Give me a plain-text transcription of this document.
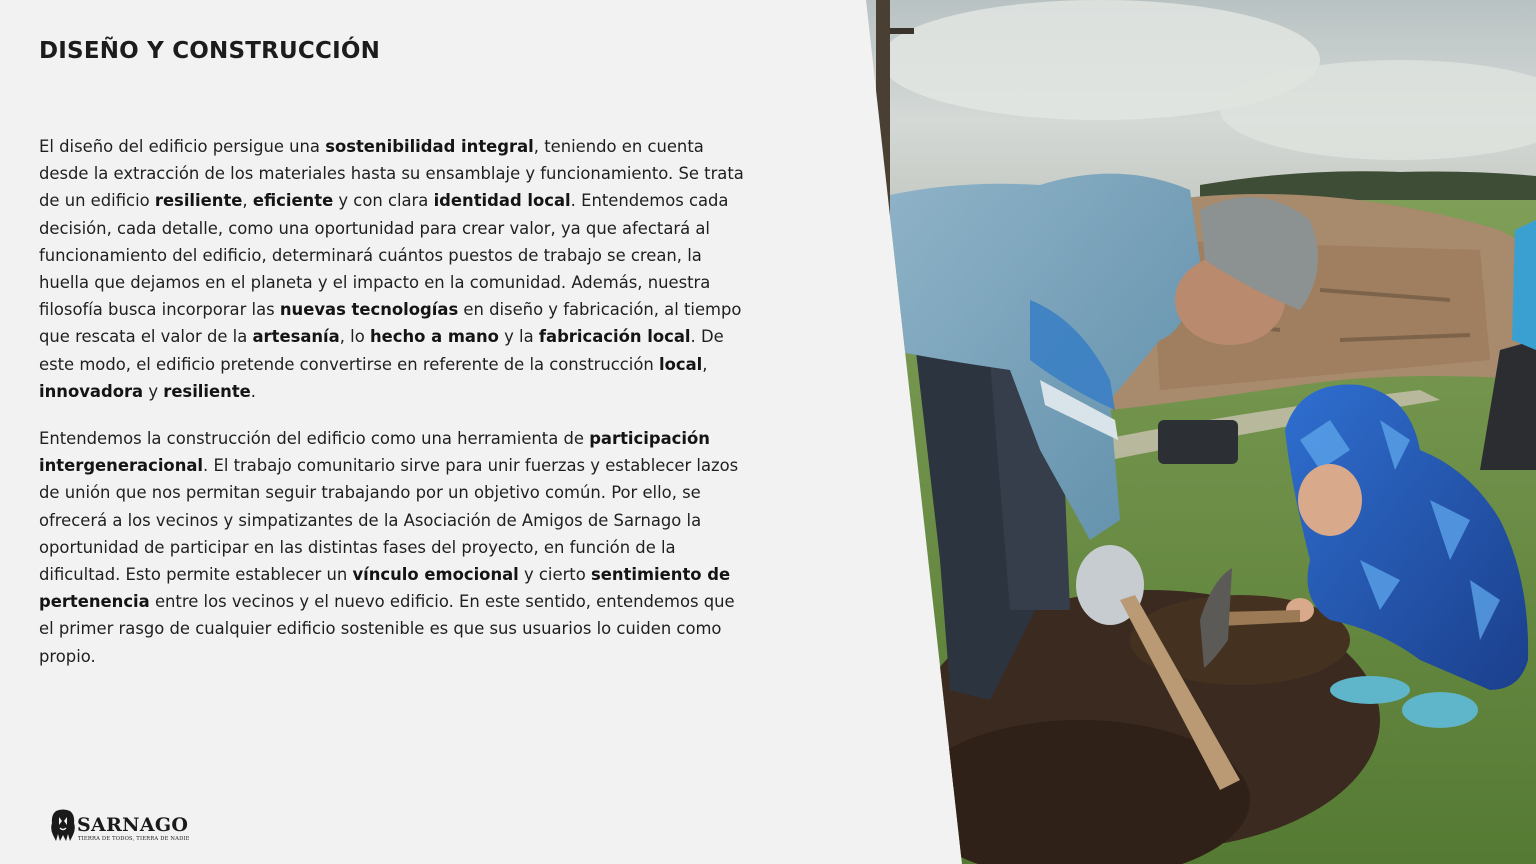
DISEÑO Y CONSTRUCCIÓN

El diseño del edificio persigue una sostenibilidad integral, teniendo en cuenta desde la extracción de los materiales hasta su ensamblaje y funcionamiento. Se trata de un edificio resiliente, eficiente y con clara identidad local. Entendemos cada decisión, cada detalle, como una oportunidad para crear valor, ya que afectará al funcionamiento del edificio, determinará cuántos puestos de trabajo se crean, la huella que dejamos en el planeta y el impacto en la comunidad. Además, nuestra filosofía busca incorporar las nuevas tecnologías en diseño y fabricación, al tiempo que rescata el valor de la artesanía, lo hecho a mano y la fabricación local. De este modo, el edificio pretende convertirse en referente de la construcción local, innovadora y resiliente.

Entendemos la construcción del edificio como una herramienta de participación intergeneracional. El trabajo comunitario sirve para unir fuerzas y establecer lazos de unión que nos permitan seguir trabajando por un objetivo común. Por ello, se ofrecerá a los vecinos y simpatizantes de la Asociación de Amigos de Sarnago la oportunidad de participar en las distintas fases del proyecto, en función de la dificultad. Esto permite establecer un vínculo emocional y cierto sentimiento de pertenencia entre los vecinos y el nuevo edificio. En este sentido, entendemos que el primer rasgo de cualquier edificio sostenible es que sus usuarios lo cuiden como propio.

SARNAGO
TIERRA DE TODOS, TIERRA DE NADIE
